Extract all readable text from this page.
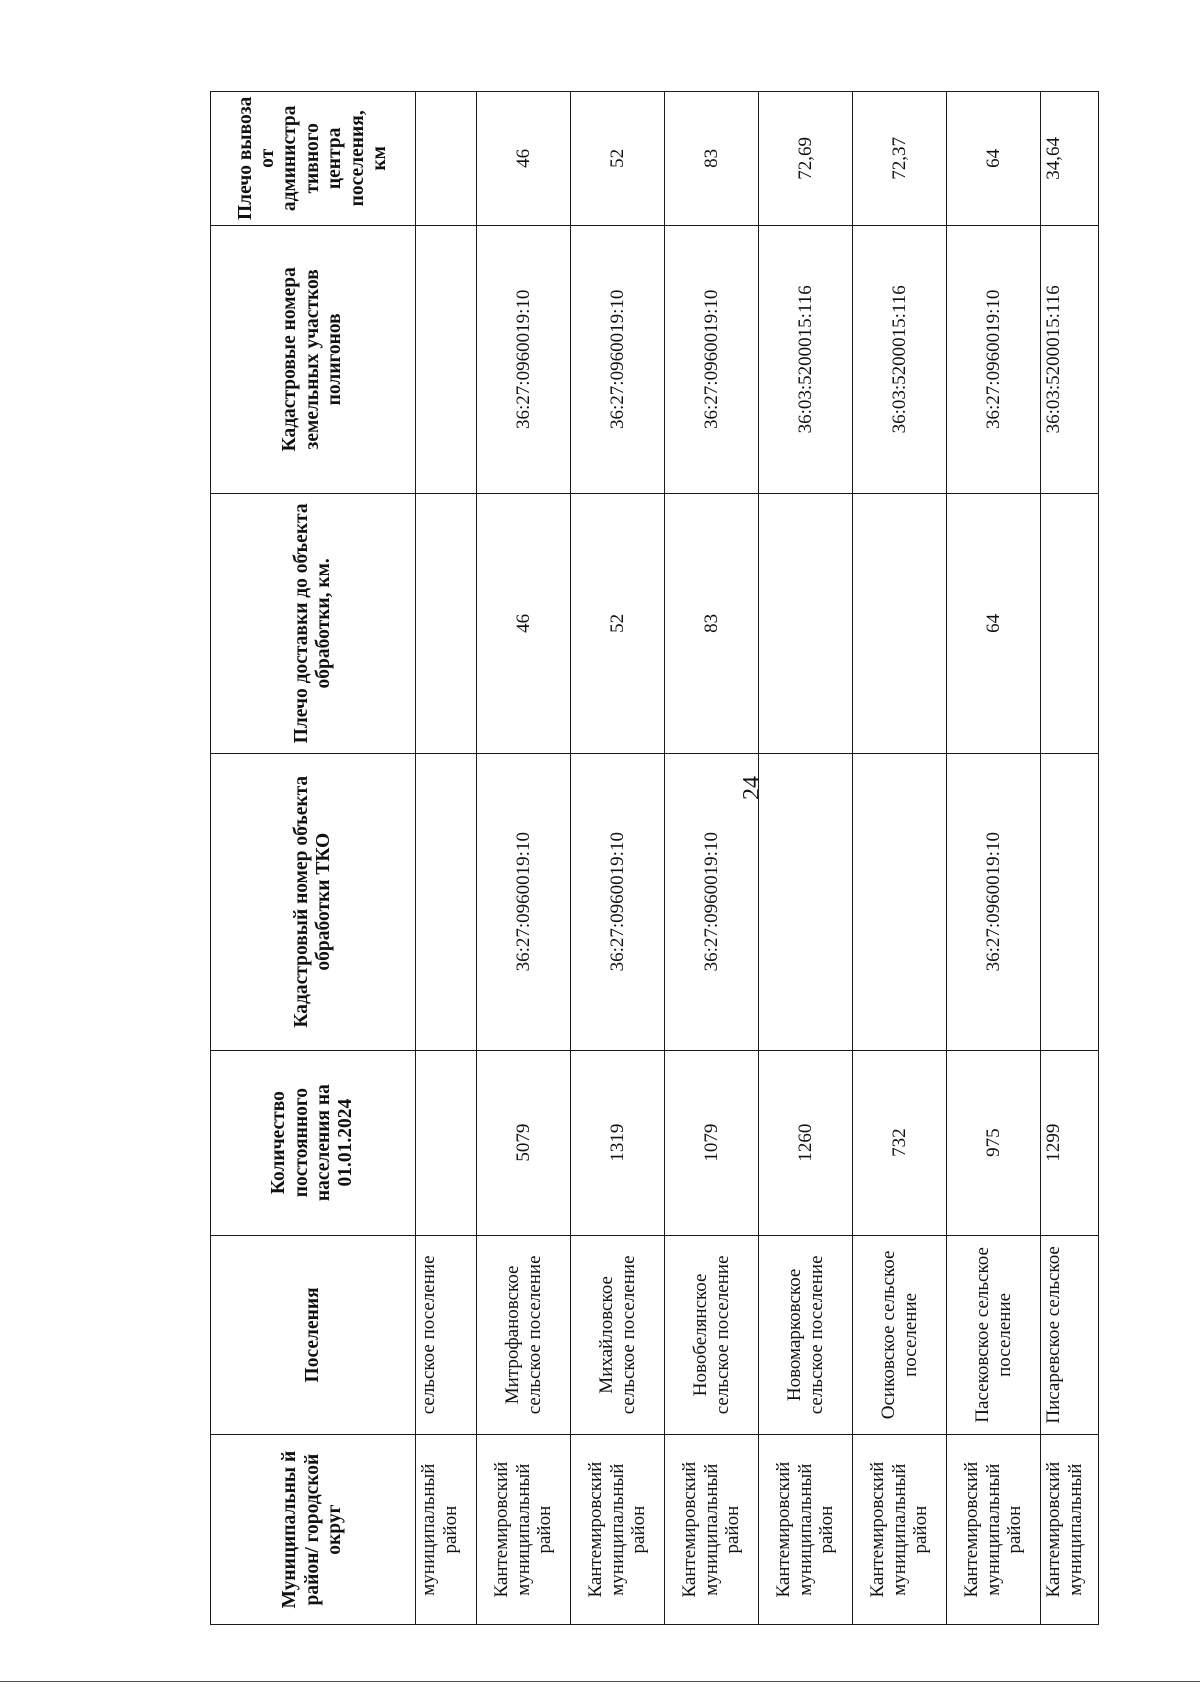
24
Муниципальны й район/ городской округ	Поселения	Количество постоянного населения на 01.01.2024	Кадастровый номер объекта обработки ТКО	Плечо доставки до объекта обработки, км.	Кадастровые номера земельных участков полигонов	Плечо вывоза от администра тивного центра поселения, км
муниципальный район	сельское поселение					
Кантемировский муниципальный район	Митрофановское сельское поселение	5079	36:27:0960019:10	46	36:27:0960019:10	46
Кантемировский муниципальный район	Михайловское сельское поселение	1319	36:27:0960019:10	52	36:27:0960019:10	52
Кантемировский муниципальный район	Новобелянское сельское поселение	1079	36:27:0960019:10	83	36:27:0960019:10	83
Кантемировский муниципальный район	Новомарковское сельское поселение	1260			36:03:5200015:116	72,69
Кантемировский муниципальный район	Осиковское сельское поселение	732			36:03:5200015:116	72,37
Кантемировский муниципальный район	Пасековское сельское поселение	975	36:27:0960019:10	64	36:27:0960019:10	64
Кантемировский муниципальный	Писаревское сельское	1299			36:03:5200015:116	34,64
